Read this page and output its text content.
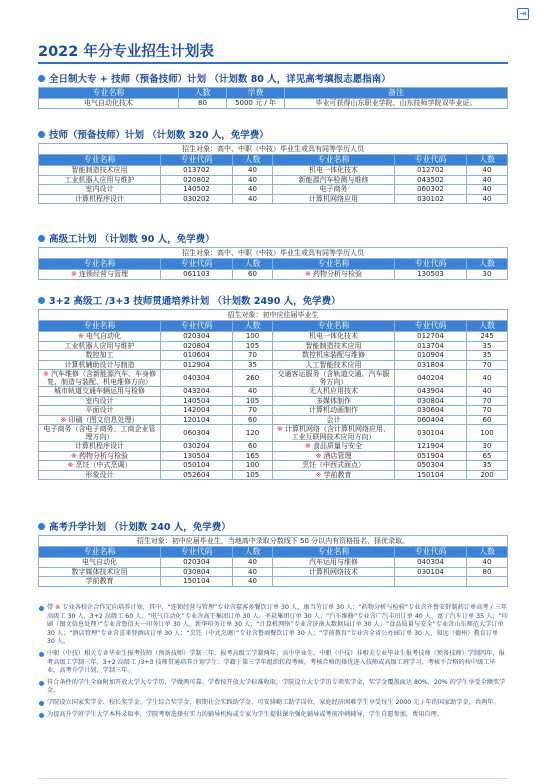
⇥
2022 年分专业招生计划表
全日制大专 + 技师（预备技师）计划 （计划数 80 人，详见高考填报志愿指南）
专业名称	人数	学费	备注
电气自动化技术	80	5000 元 / 年	毕业可获得山东职业学院、山东技师学院双毕业证。
技师（预备技师）计划 （计划数 320 人，免学费）
招生对象：高中、中职（中技）毕业生或具有同等学历人员					
专业名称	专业代码	人数	专业名称	专业代码	人数
智能制造技术应用	013702	40	机电一体化技术	012702	40
工业机器人应用与维护	020802	40	新能源汽车检测与维修	043502	40
室内设计	140502	40	电子商务	060302	40
计算机程序设计	030202	40	计算机网络应用	030102	40
高级工计划 （计划数 90 人，免学费）
招生对象：高中、中职（中技）毕业生或具有同等学历人员					
专业名称	专业代码	人数	专业名称	专业代码	人数
※ 连锁经营与管理	061103	60	※ 药物分析与检验	130503	30
3+2 高级工 /3+3 技师贯通培养计划 （计划数 2490 人，免学费）
招生对象：初中应往届毕业生					
专业名称	专业代码	人数	专业名称	专业代码	人数
※ 电气自动化	020304	100	机电一体化技术	012704	245
工业机器人应用与维护	020804	105	智能制造技术应用	013704	35
数控加工	010604	70	数控机床装配与维修	010904	35
计算机辅助设计与制造	012904	35	人工智能技术应用	031804	70
※ 汽车维修（含新能源汽车、车身修复、制造与装配、机电维修方向）	040304	260	交通客运服务（含轨道交通、汽车服务方向）	040204	40
城市轨道交通车辆运用与检修	043204	40	无人机应用技术	043904	40
室内设计	140504	105	多媒体制作	030804	70
平面设计	142004	70	计算机动画制作	030604	70
※ 印刷（图文信息处理）	120104	60	会计	060404	60
电子商务（含电子商务、工商企业管理方向）	060304	120	※ 计算机网络（含计算机网络应用、工业互联网技术应用方向）	030104	100
计算机程序设计	030204	60	※ 食品质量与安全	121904	30
※ 药物分析与检验	130504	165	※ 酒店管理	051904	65
※ 烹饪（中式烹调）	050104	100	烹饪（中西式面点）	050304	35
形象设计	052604	105	※ 学前教育	150104	200
高考升学计划 （计划数 240 人，免学费）
招生对象：初中应届毕业生，当地高中录取分数线下 50 分以内有资格报名，择优录取。					
专业名称	专业代码	人数	专业名称	专业代码	人数
电气自动化	020304	40	汽车运用与维修	040304	40
数字媒体技术应用	030804	40	计算机网络技术	030104	80
学前教育	150104	40			
带 ※ 专业各校企合作定向培养计划，其中，“连锁经营与管理”专业含嘉客多餐饮订单 30 人，康当劳订单 30 人；“药物分析与检验”专业含齐鲁安舒制药订单高考 / 三年高级工 30 人、3+2 高级工 60 人；“电气自动化”专业含高王集团订单 30 人、圣泉集团订单 30 人；“汽车维修”专业含广汽丰田订单 40 人、富丁汽车订单 35 人；“印刷（图文信息处理）”专业含鲁信天一印务订单 30 人，新华印务订单 30 人；“计算机网络”专业含济南大数据局订单 30 人；“食品质量与安全”专业含山东师范大学订单 30 人；“酒店管理”专业含喜来登酒店订单 30 人；“烹饪（中式烹调）”专业含鲁商餐饮订单 30 人；“学前教育”专业含全省公办园订单 30 人，知远（德州）教育订单 30 人。
中职（中技）相关专业毕业生报考技师（预备技师）学制三年，报考高级工学制两年；高中毕业生、中职（中技）非相关专业毕业生报考技师（预备技师）学制四年，报考高级工学制三年。3+2 高级工 /3+3 技师贯通培养计划学生：学籍于第三学年组织转段考核，考核合格的择优进入技师或高级工班学习，考核不合格的按中级工毕业，高考升学计划，学制三年。
符合条件的学生全面附加开放大学大专学历，学做两可靠。学费按开放大学标准收取，学院设立大专学历专项奖学金，奖学金覆盖面达 80%，20% 的学生享受全额奖学金。
学院设立国家奖学金、校长奖学金、学生综合奖学金、假期社会实践助学金，可安排勤工助学岗位，家庭经济困难学生享受每生 2000 元 / 年的国家助学金，共两年。
为提高升学班学生大学本科录取率，学院考察选择有实力的辅导机构或专家为学生提供课余强化辅导或考前冲刺辅导，学生自愿参加，费用自理。
